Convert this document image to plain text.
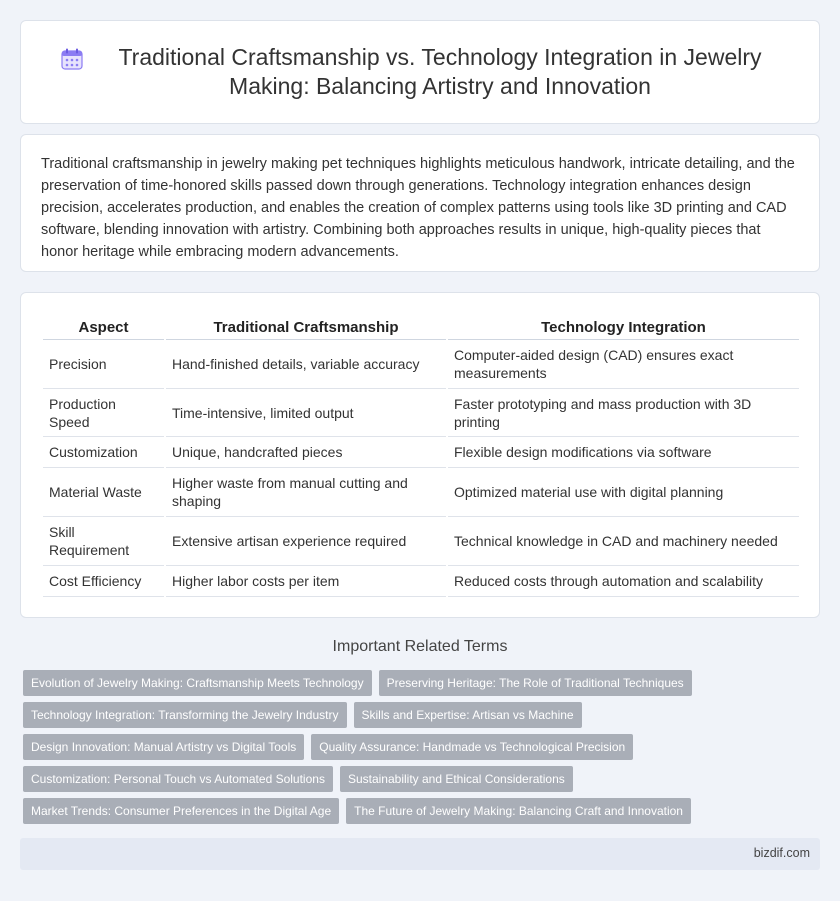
Traditional Craftsmanship vs. Technology Integration in Jewelry Making: Balancing Artistry and Innovation

Traditional craftsmanship in jewelry making pet techniques highlights meticulous handwork, intricate detailing, and the preservation of time-honored skills passed down through generations. Technology integration enhances design precision, accelerates production, and enables the creation of complex patterns using tools like 3D printing and CAD software, blending innovation with artistry. Combining both approaches results in unique, high-quality pieces that honor heritage while embracing modern advancements.

Aspect	Traditional Craftsmanship	Technology Integration
Precision	Hand-finished details, variable accuracy	Computer-aided design (CAD) ensures exact measurements
Production Speed	Time-intensive, limited output	Faster prototyping and mass production with 3D printing
Customization	Unique, handcrafted pieces	Flexible design modifications via software
Material Waste	Higher waste from manual cutting and shaping	Optimized material use with digital planning
Skill Requirement	Extensive artisan experience required	Technical knowledge in CAD and machinery needed
Cost Efficiency	Higher labor costs per item	Reduced costs through automation and scalability
Important Related Terms
Evolution of Jewelry Making: Craftsmanship Meets Technology	Preserving Heritage: The Role of Traditional Techniques
Technology Integration: Transforming the Jewelry Industry	Skills and Expertise: Artisan vs Machine
Design Innovation: Manual Artistry vs Digital Tools	Quality Assurance: Handmade vs Technological Precision
Customization: Personal Touch vs Automated Solutions	Sustainability and Ethical Considerations
Market Trends: Consumer Preferences in the Digital Age	The Future of Jewelry Making: Balancing Craft and Innovation
bizdif.com
